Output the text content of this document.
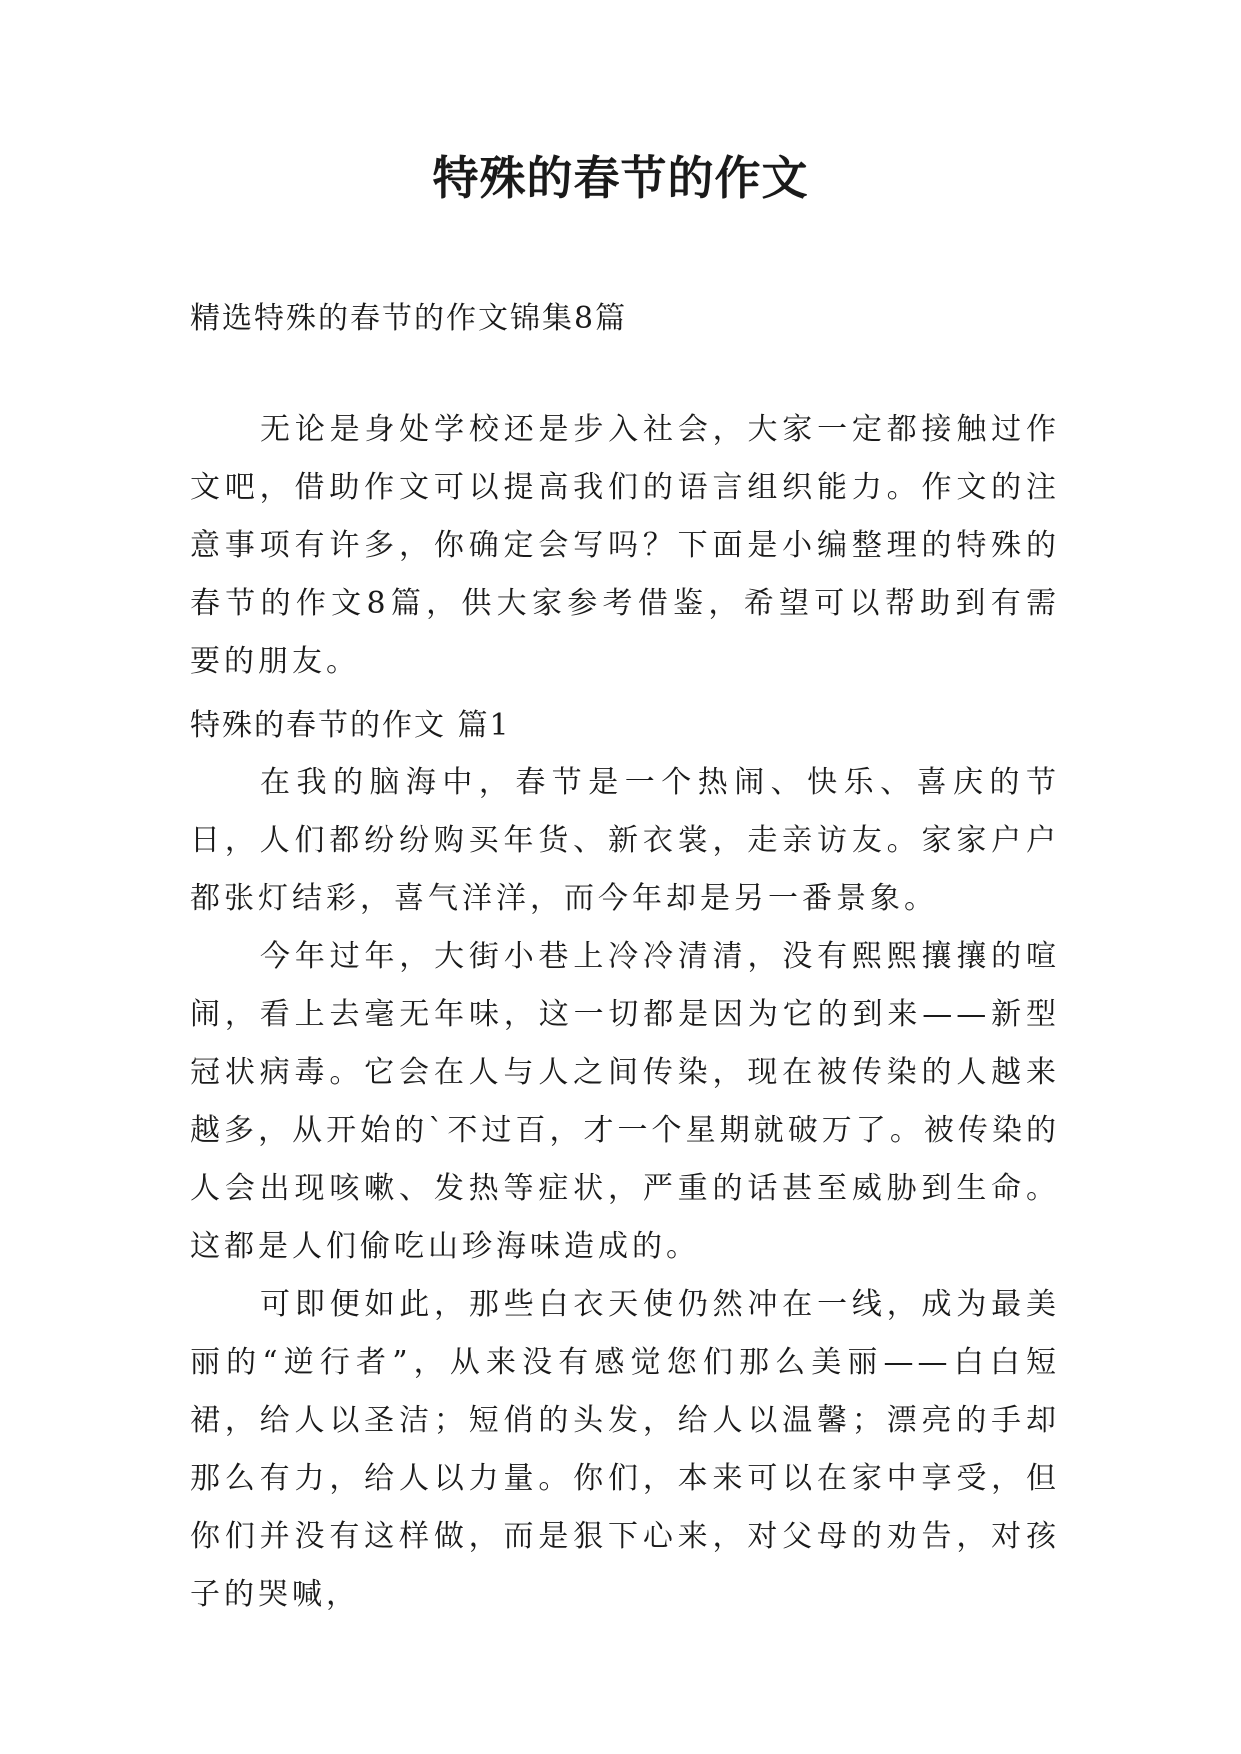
特殊的春节的作文

精选特殊的春节的作文锦集8篇

无论是身处学校还是步入社会，大家一定都接触过作文吧，借助作文可以提高我们的语言组织能力。作文的注意事项有许多，你确定会写吗？下面是小编整理的特殊的春节的作文8篇，供大家参考借鉴，希望可以帮助到有需要的朋友。

特殊的春节的作文 篇1

在我的脑海中，春节是一个热闹、快乐、喜庆的节日，人们都纷纷购买年货、新衣裳，走亲访友。家家户户都张灯结彩，喜气洋洋，而今年却是另一番景象。

今年过年，大街小巷上冷冷清清，没有熙熙攘攘的喧闹，看上去毫无年味，这一切都是因为它的到来——新型冠状病毒。它会在人与人之间传染，现在被传染的人越来越多，从开始的`不过百，才一个星期就破万了。被传染的人会出现咳嗽、发热等症状，严重的话甚至威胁到生命。这都是人们偷吃山珍海味造成的。

可即便如此，那些白衣天使仍然冲在一线，成为最美丽的“逆行者”，从来没有感觉您们那么美丽——白白短裙，给人以圣洁；短俏的头发，给人以温馨；漂亮的手却那么有力，给人以力量。你们，本来可以在家中享受，但你们并没有这样做，而是狠下心来，对父母的劝告，对孩子的哭喊，
